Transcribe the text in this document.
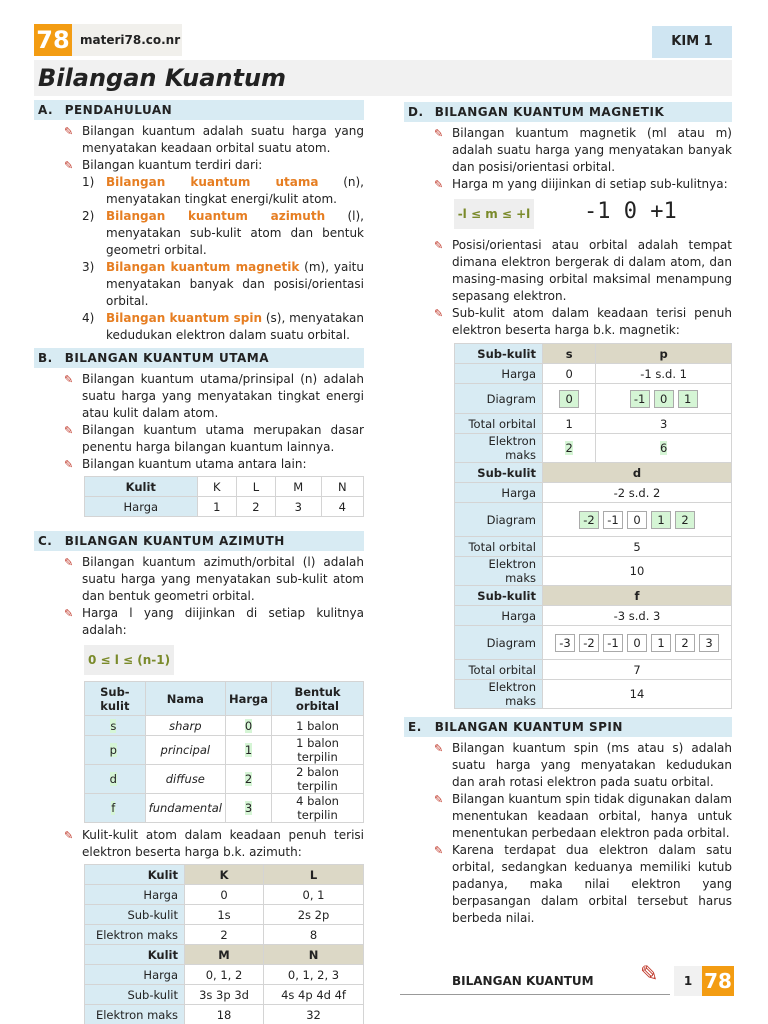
78 materi78.co.nr	KIM 1
Bilangan Kuantum
A. PENDAHULUAN
✎ Bilangan kuantum adalah suatu harga yang menyatakan keadaan orbital suatu atom.
✎ Bilangan kuantum terdiri dari:
1) Bilangan kuantum utama (n), menyatakan tingkat energi/kulit atom.
2) Bilangan kuantum azimuth (l), menyatakan sub-kulit atom dan bentuk geometri orbital.
3) Bilangan kuantum magnetik (m), yaitu menyatakan banyak dan posisi/orientasi orbital.
4) Bilangan kuantum spin (s), menyatakan kedudukan elektron dalam suatu orbital.
B. BILANGAN KUANTUM UTAMA
✎ Bilangan kuantum utama/prinsipal (n) adalah suatu harga yang menyatakan tingkat energi atau kulit dalam atom.
✎ Bilangan kuantum utama merupakan dasar penentu harga bilangan kuantum lainnya.
✎ Bilangan kuantum utama antara lain:
Kulit	K	L	M	N
Harga	1	2	3	4
C. BILANGAN KUANTUM AZIMUTH
✎ Bilangan kuantum azimuth/orbital (l) adalah suatu harga yang menyatakan sub-kulit atom dan bentuk geometri orbital.
✎ Harga l yang diijinkan di setiap kulitnya adalah:
0 ≤ l ≤ (n-1)
Sub-kulit	Nama	Harga	Bentuk orbital
s	sharp	0	1 balon
p	principal	1	1 balon terpilin
d	diffuse	2	2 balon terpilin
f	fundamental	3	4 balon terpilin
✎ Kulit-kulit atom dalam keadaan penuh terisi elektron beserta harga b.k. azimuth:
Kulit	K	L
Harga	0	0, 1
Sub-kulit	1s	2s 2p
Elektron maks	2	8
Kulit	M	N
Harga	0, 1, 2	0, 1, 2, 3
Sub-kulit	3s 3p 3d	4s 4p 4d 4f
Elektron maks	18	32
D. BILANGAN KUANTUM MAGNETIK
✎ Bilangan kuantum magnetik (ml atau m) adalah suatu harga yang menyatakan banyak dan posisi/orientasi orbital.
✎ Harga m yang diijinkan di setiap sub-kulitnya:
-l ≤ m ≤ +l -1 0 +1
✎ Posisi/orientasi atau orbital adalah tempat dimana elektron bergerak di dalam atom, dan masing-masing orbital maksimal menampung sepasang elektron.
✎ Sub-kulit atom dalam keadaan terisi penuh elektron beserta harga b.k. magnetik:
Sub-kulit	s	p
Harga	0	-1 s.d. 1
Diagram	0	-1 0 1
Total orbital	1	3
Elektron maks	2	6
Sub-kulit	d	
Harga	-2 s.d. 2	
Diagram	-2 -1 0 1 2	
Total orbital	5	
Elektron maks	10	
Sub-kulit	f	
Harga	-3 s.d. 3	
Diagram	-3 -2 -1 0 1 2 3	
Total orbital	7	
Elektron maks	14	
E. BILANGAN KUANTUM SPIN
✎ Bilangan kuantum spin (ms atau s) adalah suatu harga yang menyatakan kedudukan dan arah rotasi elektron pada suatu orbital.
✎ Bilangan kuantum spin tidak digunakan dalam menentukan keadaan orbital, hanya untuk menentukan perbedaan elektron pada orbital.
✎ Karena terdapat dua elektron dalam satu orbital, sedangkan keduanya memiliki kutub padanya, maka nilai elektron yang berpasangan dalam orbital tersebut harus berbeda nilai.
BILANGAN KUANTUM ✎	1 78
